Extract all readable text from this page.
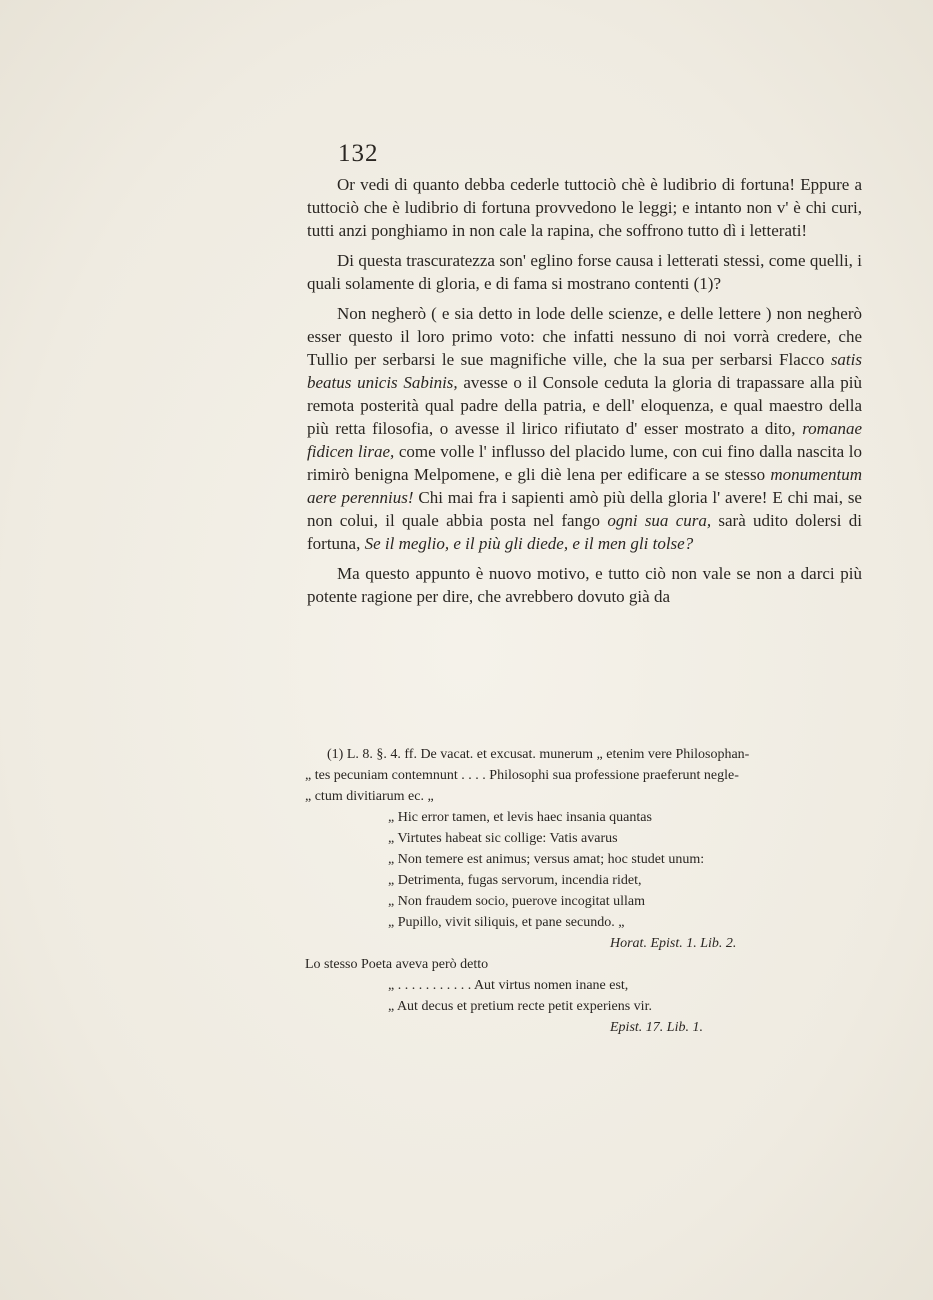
132

Or vedi di quanto debba cederle tuttociò chè è ludibrio di fortuna! Eppure a tuttociò che è ludibrio di fortuna provvedono le leggi; e intanto non v' è chi curi, tutti anzi ponghiamo in non cale la rapina, che soffrono tutto dì i letterati!

Di questa trascuratezza son' eglino forse causa i letterati stessi, come quelli, i quali solamente di gloria, e di fama si mostrano contenti (1)?

Non negherò ( e sia detto in lode delle scienze, e delle lettere ) non negherò esser questo il loro primo voto: che infatti nessuno di noi vorrà credere, che Tullio per serbarsi le sue magnifiche ville, che la sua per serbarsi Flacco satis beatus unicis Sabinis, avesse o il Console ceduta la gloria di trapassare alla più remota posterità qual padre della patria, e dell' eloquenza, e qual maestro della più retta filosofia, o avesse il lirico rifiutato d' esser mostrato a dito, romanae fidicen lirae, come volle l' influsso del placido lume, con cui fino dalla nascita lo rimirò benigna Melpomene, e gli diè lena per edificare a se stesso monumentum aere perennius! Chi mai fra i sapienti amò più della gloria l' avere! E chi mai, se non colui, il quale abbia posta nel fango ogni sua cura, sarà udito dolersi di fortuna, Se il meglio, e il più gli diede, e il men gli tolse?

Ma questo appunto è nuovo motivo, e tutto ciò non vale se non a darci più potente ragione per dire, che avrebbero dovuto già da

(1) L. 8. §. 4. ff. De vacat. et excusat. munerum „ etenim vere Philosophan-

„ tes pecuniam contemnunt . . . . Philosophi sua professione praeferunt negle-

„ ctum divitiarum ec. „

„ Hic error tamen, et levis haec insania quantas

„ Virtutes habeat sic collige: Vatis avarus

„ Non temere est animus; versus amat; hoc studet unum:

„ Detrimenta, fugas servorum, incendia ridet,

„ Non fraudem socio, puerove incogitat ullam

„ Pupillo, vivit siliquis, et pane secundo. „

Horat. Epist. 1. Lib. 2.

Lo stesso Poeta aveva però detto

„ . . . . . . . . . . . Aut virtus nomen inane est,

„ Aut decus et pretium recte petit experiens vir.

Epist. 17. Lib. 1.
